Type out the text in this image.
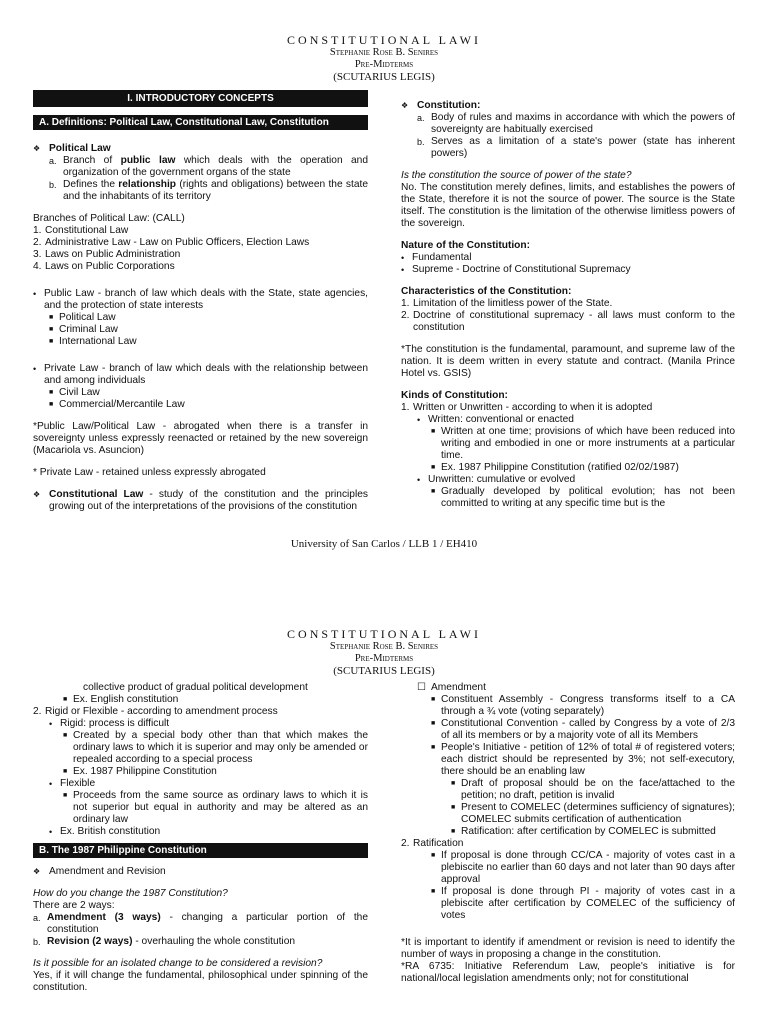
CONSTITUTIONAL LAWI
Stephanie Rose B. Senires
Pre-Midterms
(SCUTARIUS LEGIS)
I. INTRODUCTORY CONCEPTS
A. Definitions: Political Law, Constitutional Law, Constitution
❖ Political Law
a. Branch of public law which deals with the operation and organization of the government organs of the state
b. Defines the relationship (rights and obligations) between the state and the inhabitants of its territory

Branches of Political Law: (CALL)

1. Constitutional Law
2. Administrative Law - Law on Public Officers, Election Laws
3. Laws on Public Administration
4. Laws on Public Corporations
• Public Law - branch of law which deals with the State, state agencies, and the protection of state interests
■ Political Law
■ Criminal Law
■ International Law
• Private Law - branch of law which deals with the relationship between and among individuals
■ Civil Law
■ Commercial/Mercantile Law

*Public Law/Political Law - abrogated when there is a transfer in sovereignty unless expressly reenacted or retained by the new sovereign (Macariola vs. Asuncion)

* Private Law - retained unless expressly abrogated

❖ Constitutional Law - study of the constitution and the principles growing out of the interpretations of the provisions of the constitution
❖ Constitution:
a. Body of rules and maxims in accordance with which the powers of sovereignty are habitually exercised
b. Serves as a limitation of a state's power (state has inherent powers)

Is the constitution the source of power of the state?

No. The constitution merely defines, limits, and establishes the powers of the State, therefore it is not the source of power. The source is the State itself. The constitution is the limitation of the otherwise limitless powers of the sovereign.

Nature of the Constitution:

• Fundamental
• Supreme - Doctrine of Constitutional Supremacy

Characteristics of the Constitution:

1. Limitation of the limitless power of the State.
2. Doctrine of constitutional supremacy - all laws must conform to the constitution

*The constitution is the fundamental, paramount, and supreme law of the nation. It is deem written in every statute and contract. (Manila Prince Hotel vs. GSIS)

Kinds of Constitution:

1. Written or Unwritten - according to when it is adopted
• Written: conventional or enacted
■ Written at one time; provisions of which have been reduced into writing and embodied in one or more instruments at a particular time.
■ Ex. 1987 Philippine Constitution (ratified 02/02/1987)
• Unwritten: cumulative or evolved
■ Gradually developed by political evolution; has not been committed to writing at any specific time but is the
University of San Carlos / LLB 1 / EH410
CONSTITUTIONAL LAWI
Stephanie Rose B. Senires
Pre-Midterms
(SCUTARIUS LEGIS)
collective product of gradual political development
■ Ex. English constitution
2. Rigid or Flexible - according to amendment process
• Rigid: process is difficult
■ Created by a special body other than that which makes the ordinary laws to which it is superior and may only be amended or repealed according to a special process
■ Ex. 1987 Philippine Constitution
• Flexible
■ Proceeds from the same source as ordinary laws to which it is not superior but equal in authority and may be altered as an ordinary law
• Ex. British constitution
B. The 1987 Philippine Constitution
❖ Amendment and Revision

How do you change the 1987 Constitution?

There are 2 ways:

a. Amendment (3 ways) - changing a particular portion of the constitution
b. Revision (2 ways) - overhauling the whole constitution

Is it possible for an isolated change to be considered a revision?

Yes, if it will change the fundamental, philosophical under spinning of the constitution.

☐ Amendment
■ Constituent Assembly - Congress transforms itself to a CA through a ¾ vote (voting separately)
■ Constitutional Convention - called by Congress by a vote of 2/3 of all its members or by a majority vote of all its Members
■ People's Initiative - petition of 12% of total # of registered voters; each district should be represented by 3%; not self-executory, there should be an enabling law
■ Draft of proposal should be on the face/attached to the petition; no draft, petition is invalid
■ Present to COMELEC (determines sufficiency of signatures); COMELEC submits certification of authentication
■ Ratification: after certification by COMELEC is submitted
2. Ratification
■ If proposal is done through CC/CA - majority of votes cast in a plebiscite no earlier than 60 days and not later than 90 days after approval
■ If proposal is done through PI - majority of votes cast in a plebiscite after certification by COMELEC of the sufficiency of votes

*It is important to identify if amendment or revision is need to identify the number of ways in proposing a change in the constitution.

*RA 6735: Initiative Referendum Law, people's initiative is for national/local legislation amendments only; not for constitutional
